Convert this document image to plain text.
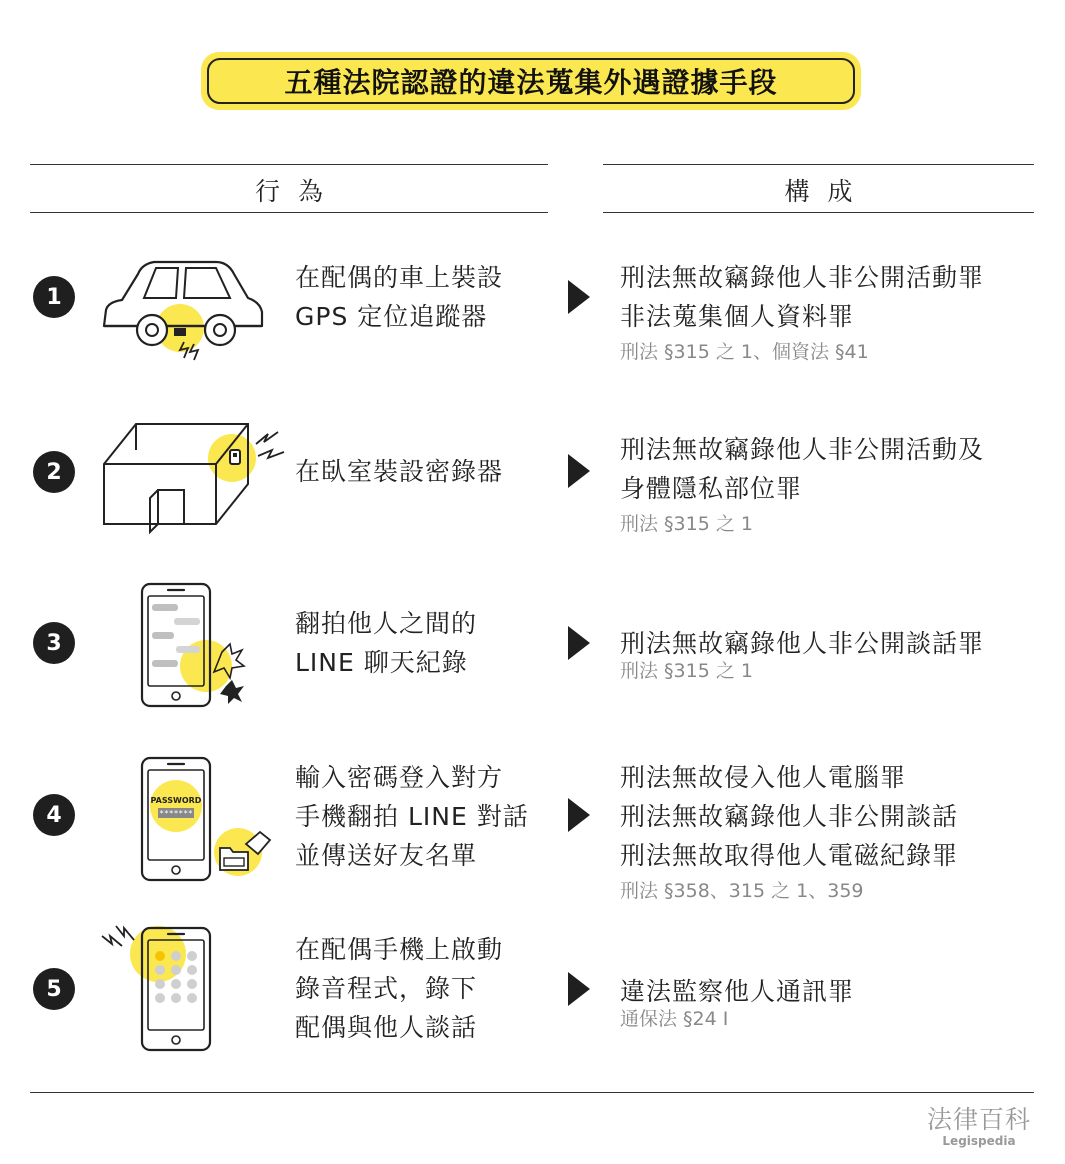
五種法院認證的違法蒐集外遇證據手段
行為	構成
1
在配偶的車上裝設
GPS 定位追蹤器
刑法無故竊錄他人非公開活動罪
非法蒐集個人資料罪
刑法 §315 之 1、個資法 §41
2	在臥室裝設密錄器
刑法無故竊錄他人非公開活動及
身體隱私部位罪
刑法 §315 之 1
3
翻拍他人之間的
LINE 聊天紀錄
刑法無故竊錄他人非公開談話罪
刑法 §315 之 1
4
PASSWORD
*******
輸入密碼登入對方
手機翻拍 LINE 對話
並傳送好友名單
刑法無故侵入他人電腦罪
刑法無故竊錄他人非公開談話
刑法無故取得他人電磁紀錄罪
刑法 §358、315 之 1、359
5
在配偶手機上啟動
錄音程式，錄下
配偶與他人談話
違法監察他人通訊罪
通保法 §24 I
法律百科
Legispedia
